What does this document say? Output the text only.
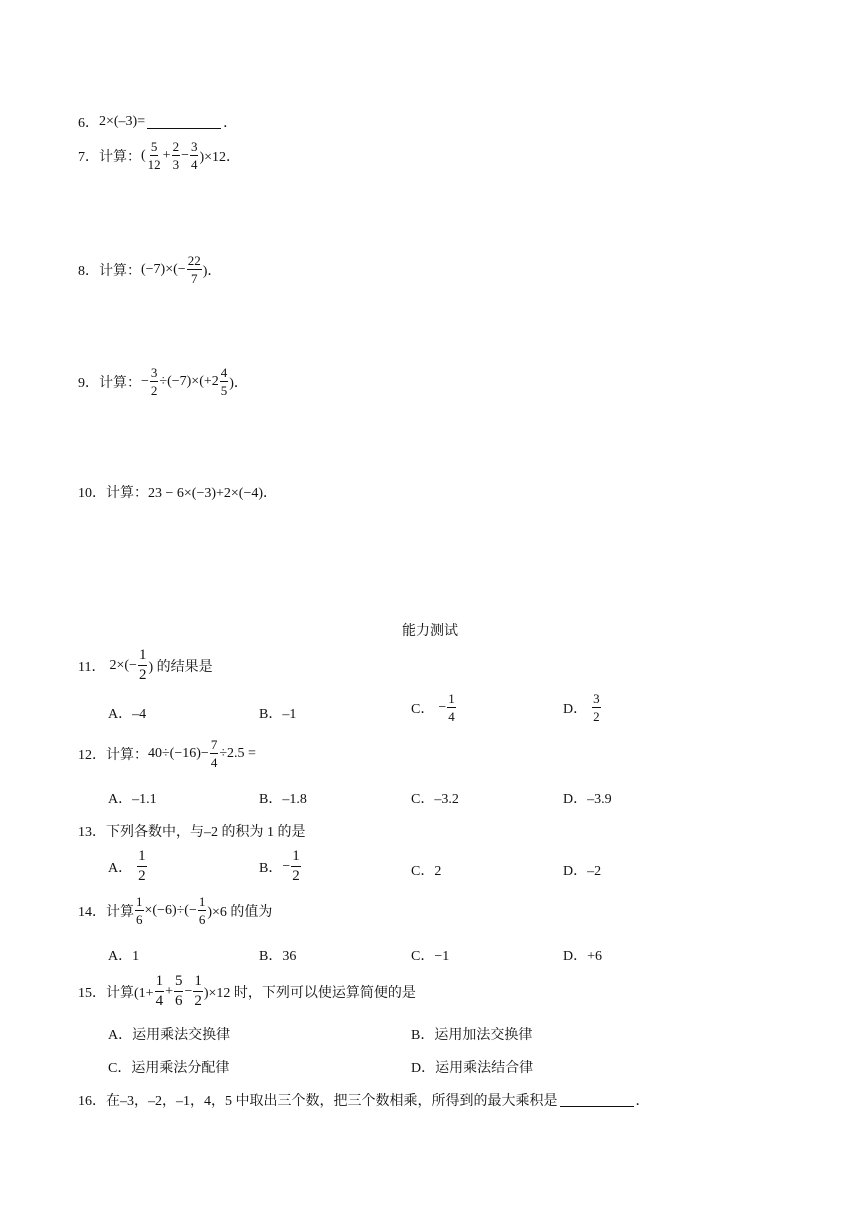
6． 2×(–3)=	．
7． 计算： ( $\frac{5}{12} + \frac{2}{3} - \frac{3}{4} )\times 12$．
8． 计算： $(-7)\times(- \frac{22}{7}$ )．
9． 计算： − $\frac{3}{2} \div(-7)\times(+2 \frac{4}{5}$ )．
10． 计算： 23 − 6×(−3)+2×(−4)．
能力测试
11． $2\times(- \frac{1}{2}$ ) 的结果是
A．–4	B．–1	C． − $\frac{1}{4}$	D． $\frac{3}{2}$
12． 计算： $40\div(-16)- \frac{7}{4} \div 2.5$ =
A．–1.1	B．–1.8	C．–3.2	D．–3.9
13． 下列各数中，与–2 的积为 1 的是
A． $\frac{1}{2}$	B． − $\frac{1}{2}$	C．2	D．–2
14． 计算 $\frac{1}{6} \times(-6)\div(- \frac{1}{6} )\times 6$ 的值为
A．1	B．36	C．−1	D．+6
15． 计算$(1+ \frac{1}{4} + \frac{5}{6} - \frac{1}{2} )\times 12$ 时，下列可以使运算简便的是
A．运用乘法交换律	B．运用加法交换律
C．运用乘法分配律	D．运用乘法结合律
16． 在–3，–2，–1，4，5 中取出三个数，把三个数相乘，所得到的最大乘积是	．
